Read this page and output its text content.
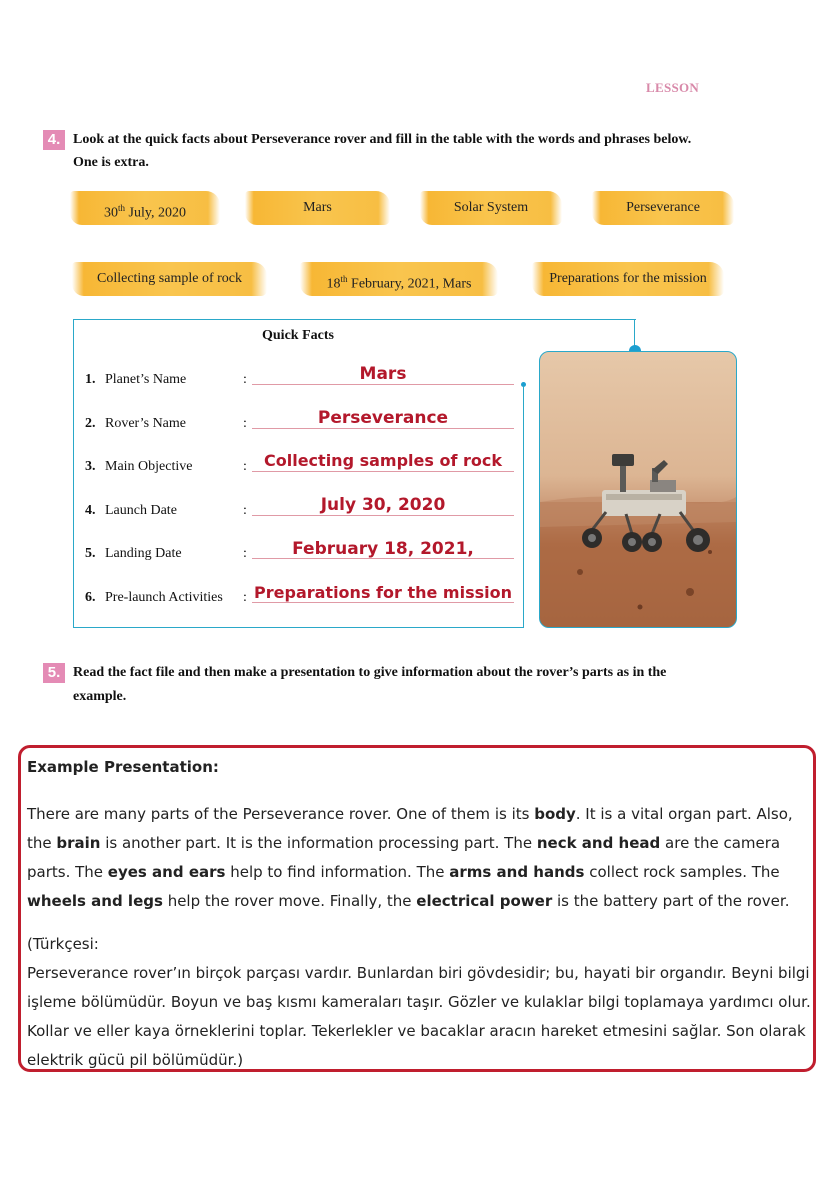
LESSON
4. Look at the quick facts about Perseverance rover and fill in the table with the words and phrases below.
One is extra.
30th July, 2020	Mars	Solar System	Perseverance
Collecting sample of rock	18th February, 2021, Mars	Preparations for the mission
Quick Facts
1. Planet’s Name	:	Mars
2. Rover’s Name	:	Perseverance
3. Main Objective	:	Collecting samples of rock
4. Launch Date	:	July 30, 2020
5. Landing Date	:	February 18, 2021,
6. Pre-launch Activities : Preparations for the mission
5. Read the fact file and then make a presentation to give information about the rover’s parts as in the
example.
Example Presentation:
There are many parts of the Perseverance rover. One of them is its body. It is a vital organ part. Also, the brain is another part. It is the information processing part. The neck and head are the camera parts. The eyes and ears help to find information. The arms and hands collect rock samples. The wheels and legs help the rover move. Finally, the electrical power is the battery part of the rover.
(Türkçesi:
Perseverance rover’ın birçok parçası vardır. Bunlardan biri gövdesidir; bu, hayati bir organdır. Beyni bilgi işleme bölümüdür. Boyun ve baş kısmı kameraları taşır. Gözler ve kulaklar bilgi toplamaya yardımcı olur. Kollar ve eller kaya örneklerini toplar. Tekerlekler ve bacaklar aracın hareket etmesini sağlar. Son olarak elektrik gücü pil bölümüdür.)
